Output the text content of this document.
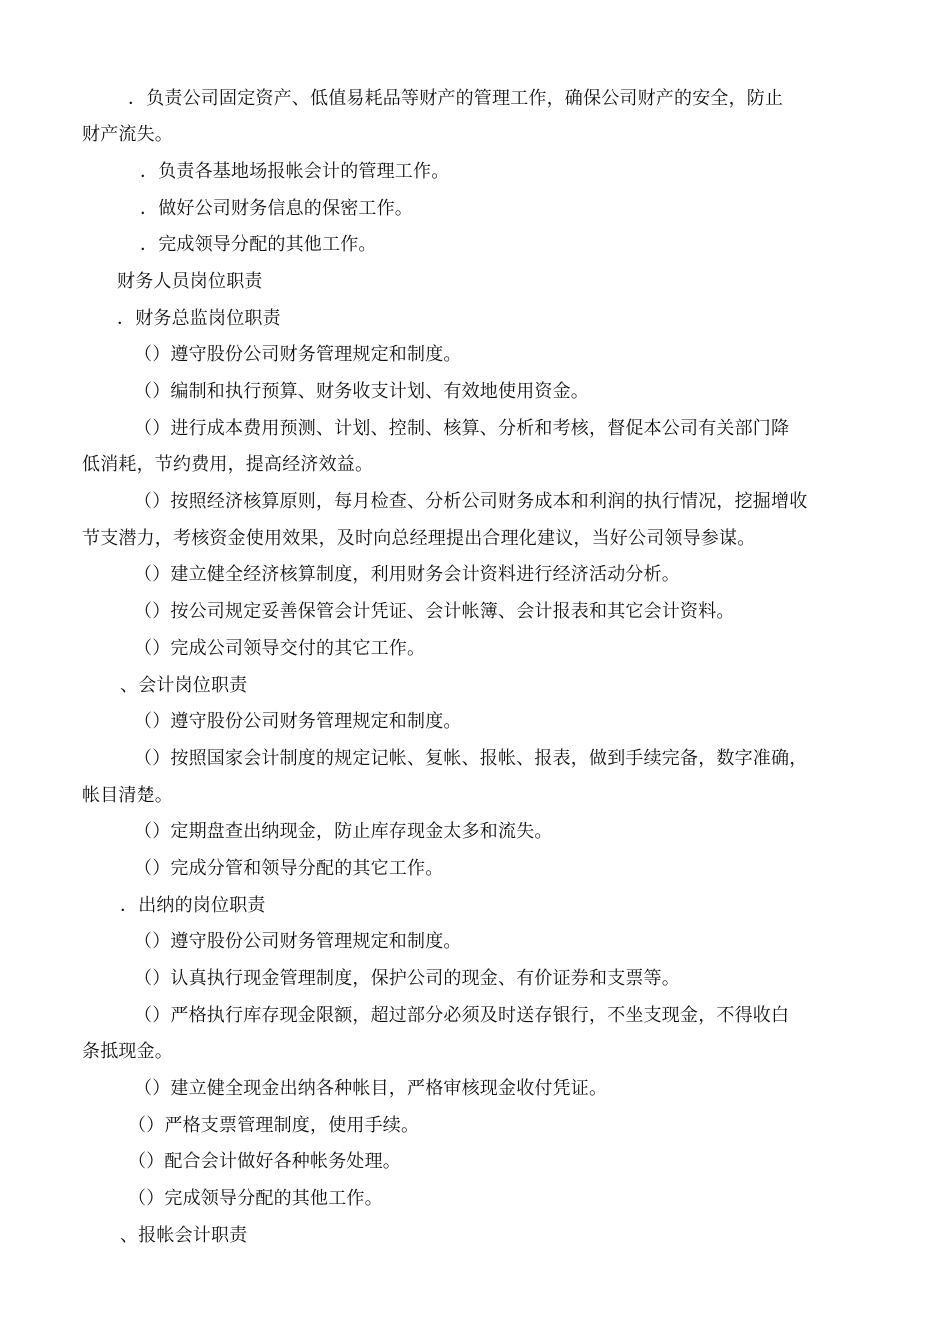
．负责公司固定资产、低值易耗品等财产的管理工作，确保公司财产的安全，防止
财产流失。
．负责各基地场报帐会计的管理工作。
．做好公司财务信息的保密工作。
．完成领导分配的其他工作。
财务人员岗位职责
．财务总监岗位职责
（）遵守股份公司财务管理规定和制度。
（）编制和执行预算、财务收支计划、有效地使用资金。
（）进行成本费用预测、计划、控制、核算、分析和考核，督促本公司有关部门降
低消耗，节约费用，提高经济效益。
（）按照经济核算原则，每月检查、分析公司财务成本和利润的执行情况，挖掘增收
节支潜力，考核资金使用效果，及时向总经理提出合理化建议，当好公司领导参谋。
（）建立健全经济核算制度，利用财务会计资料进行经济活动分析。
（）按公司规定妥善保管会计凭证、会计帐簿、会计报表和其它会计资料。
（）完成公司领导交付的其它工作。
、会计岗位职责
（）遵守股份公司财务管理规定和制度。
（）按照国家会计制度的规定记帐、复帐、报帐、报表，做到手续完备，数字准确，
帐目清楚。
（）定期盘查出纳现金，防止库存现金太多和流失。
（）完成分管和领导分配的其它工作。
．出纳的岗位职责
（）遵守股份公司财务管理规定和制度。
（）认真执行现金管理制度，保护公司的现金、有价证券和支票等。
（）严格执行库存现金限额，超过部分必须及时送存银行，不坐支现金，不得收白
条抵现金。
（）建立健全现金出纳各种帐目，严格审核现金收付凭证。
（）严格支票管理制度，使用手续。
（）配合会计做好各种帐务处理。
（）完成领导分配的其他工作。
、报帐会计职责
